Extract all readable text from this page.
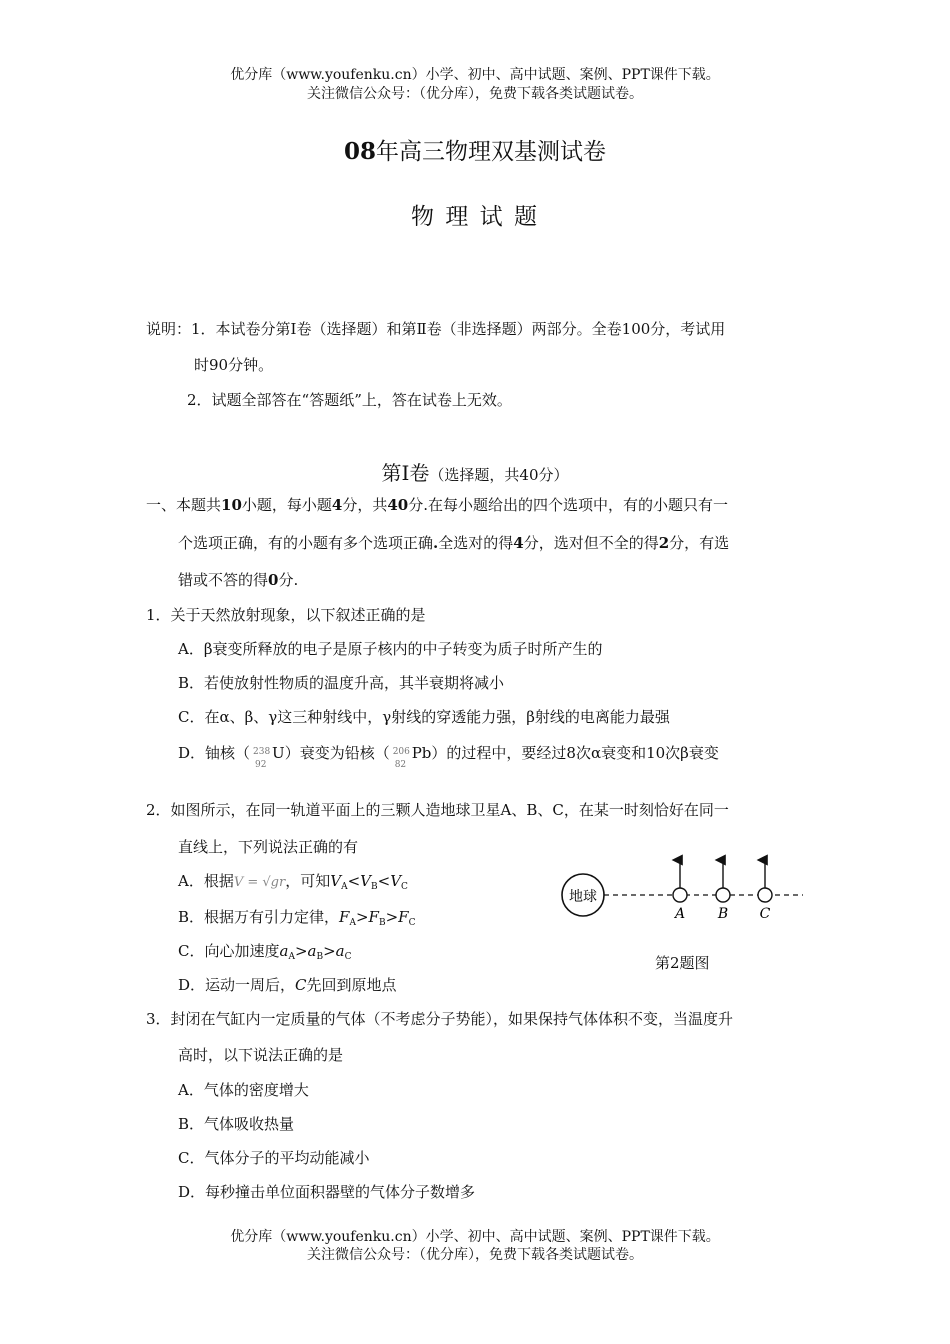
优分库（www.youfenku.cn）小学、初中、高中试题、案例、PPT课件下载。
关注微信公众号：（优分库），免费下载各类试题试卷。
08年高三物理双基测试卷
物 理 试 题
说明：1．本试卷分第Ⅰ卷（选择题）和第Ⅱ卷（非选择题）两部分。全卷100分，考试用
时90分钟。
2．试题全部答在“答题纸”上，答在试卷上无效。
第Ⅰ卷（选择题，共40分）
一、本题共10小题，每小题4分，共40分.在每小题给出的四个选项中，有的小题只有一
个选项正确，有的小题有多个选项正确.全选对的得4分，选对但不全的得2分，有选
错或不答的得0分.
1．关于天然放射现象，以下叙述正确的是
A．β衰变所释放的电子是原子核内的中子转变为质子时所产生的
B．若使放射性物质的温度升高，其半衰期将减小
C．在α、β、γ这三种射线中，γ射线的穿透能力强，β射线的电离能力最强
D．铀核（ 238
92
U）衰变为铅核（ 206
82
Pb）的过程中，要经过8次α衰变和10次β衰变
2．如图所示，在同一轨道平面上的三颗人造地球卫星A、B、C，在某一时刻恰好在同一
直线上，下列说法正确的有
A．根据V = √gr，可知$V_A<V_B<V_C$
B．根据万有引力定律，$F_A>F_B>F_C$
C．向心加速度$a_A>a_B>a_C$
D．运动一周后，C先回到原地点
地球
A B C
第2题图
3．封闭在气缸内一定质量的气体（不考虑分子势能），如果保持气体体积不变，当温度升
高时，以下说法正确的是
A．气体的密度增大
B．气体吸收热量
C．气体分子的平均动能减小
D．每秒撞击单位面积器壁的气体分子数增多
优分库（www.youfenku.cn）小学、初中、高中试题、案例、PPT课件下载。
关注微信公众号：（优分库），免费下载各类试题试卷。
